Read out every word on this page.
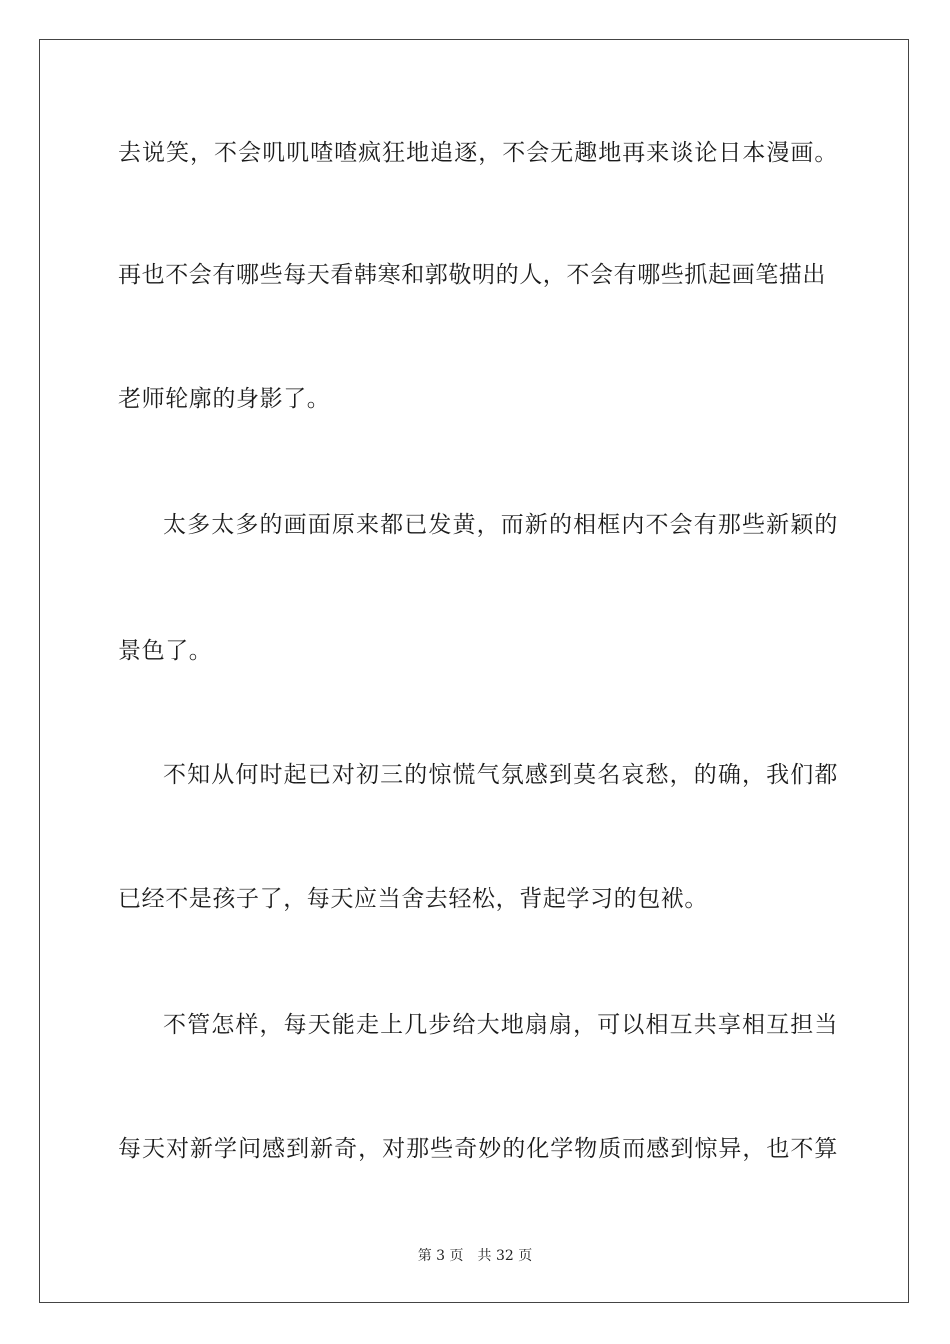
去说笑，不会叽叽喳喳疯狂地追逐，不会无趣地再来谈论日本漫画。
再也不会有哪些每天看韩寒和郭敬明的人，不会有哪些抓起画笔描出
老师轮廓的身影了。
太多太多的画面原来都已发黄，而新的相框内不会有那些新颖的
景色了。
不知从何时起已对初三的惊慌气氛感到莫名哀愁，的确，我们都
已经不是孩子了，每天应当舍去轻松，背起学习的包袱。
不管怎样，每天能走上几步给大地扇扇，可以相互共享相互担当
每天对新学问感到新奇，对那些奇妙的化学物质而感到惊异，也不算
第 3 页 共 32 页
